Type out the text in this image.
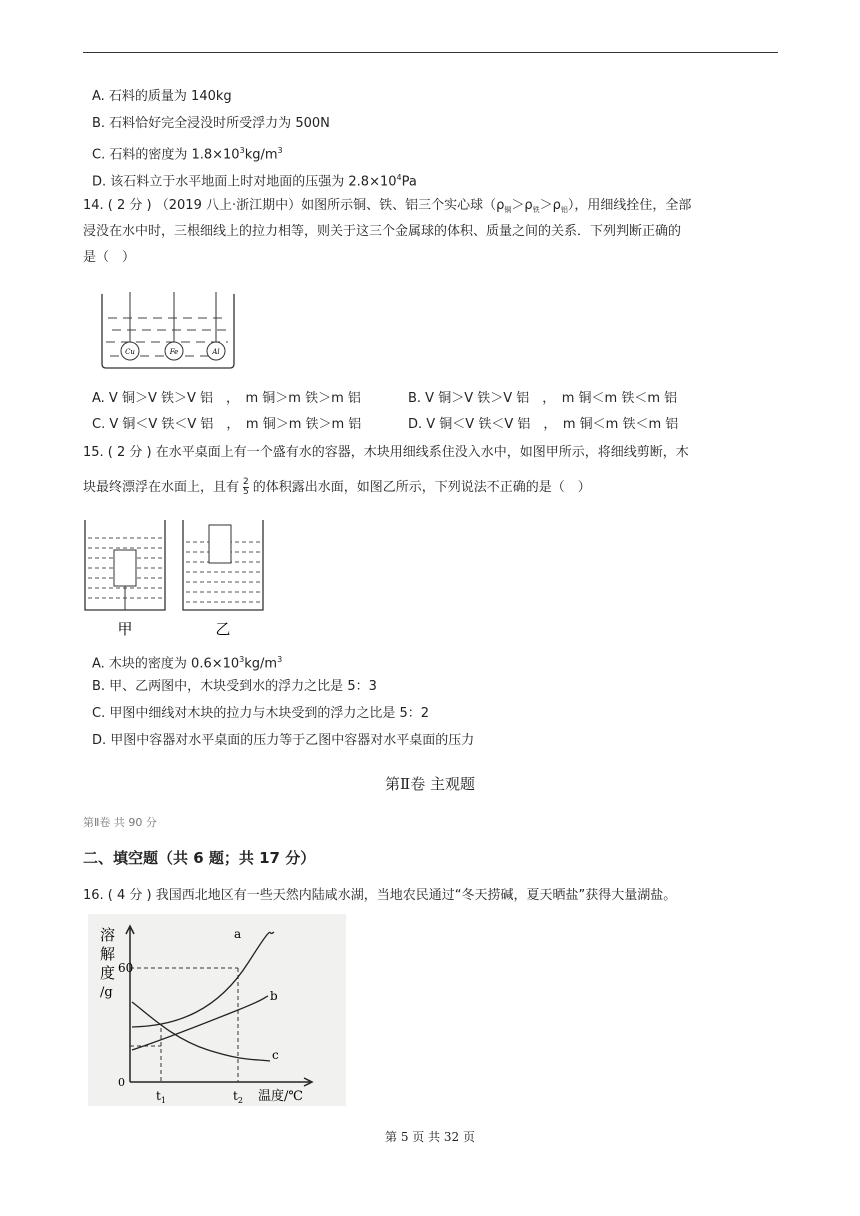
A. 石料的质量为 140kg
B. 石料恰好完全浸没时所受浮力为 500N
C. 石料的密度为 $1.8\times 10^3kg/m^3$
D. 该石料立于水平地面上时对地面的压强为 $2.8\times 10^4Pa$
14. ( 2 分 ) （2019 八上·浙江期中）如图所示铜、铁、铝三个实心球$(\rho_铜>\rho_铁>\rho_铝)$，用细线拴住，全部
浸没在水中时，三根细线上的拉力相等，则关于这三个金属球的体积、质量之间的关系．下列判断正确的
是（　）
Cu	Fe	Al
A. V 铜＞V 铁＞V 铝　，　m 铜＞m 铁＞m 铝	B. V 铜＞V 铁＞V 铝　，　m 铜＜m 铁＜m 铝
C. V 铜＜V 铁＜V 铝　，　m 铜＞m 铁＞m 铝	D. V 铜＜V 铁＜V 铝　，　m 铜＜m 铁＜m 铝
15. ( 2 分 ) 在水平桌面上有一个盛有水的容器，木块用细线系住没入水中，如图甲所示，将细线剪断，木
块最终漂浮在水面上，且有 $\frac{2}{5}$ 的体积露出水面，如图乙所示，下列说法不正确的是（　）
甲	乙
A. 木块的密度为 $0.6\times 10^3kg/m^3$
B. 甲、乙两图中，木块受到水的浮力之比是 5：3
C. 甲图中细线对木块的拉力与木块受到的浮力之比是 5：2
D. 甲图中容器对水平桌面的压力等于乙图中容器对水平桌面的压力
第Ⅱ卷 主观题
第Ⅱ卷 共 90 分
二、填空题（共 6 题；共 17 分）
16. ( 4 分 ) 我国西北地区有一些天然内陆咸水湖，当地农民通过“冬天捞碱，夏天晒盐”获得大量湖盐。
溶
解
度
/g
60
0
$t_1$	$t_2$ 温度/℃
a
b
c
第 5 页 共 32 页
